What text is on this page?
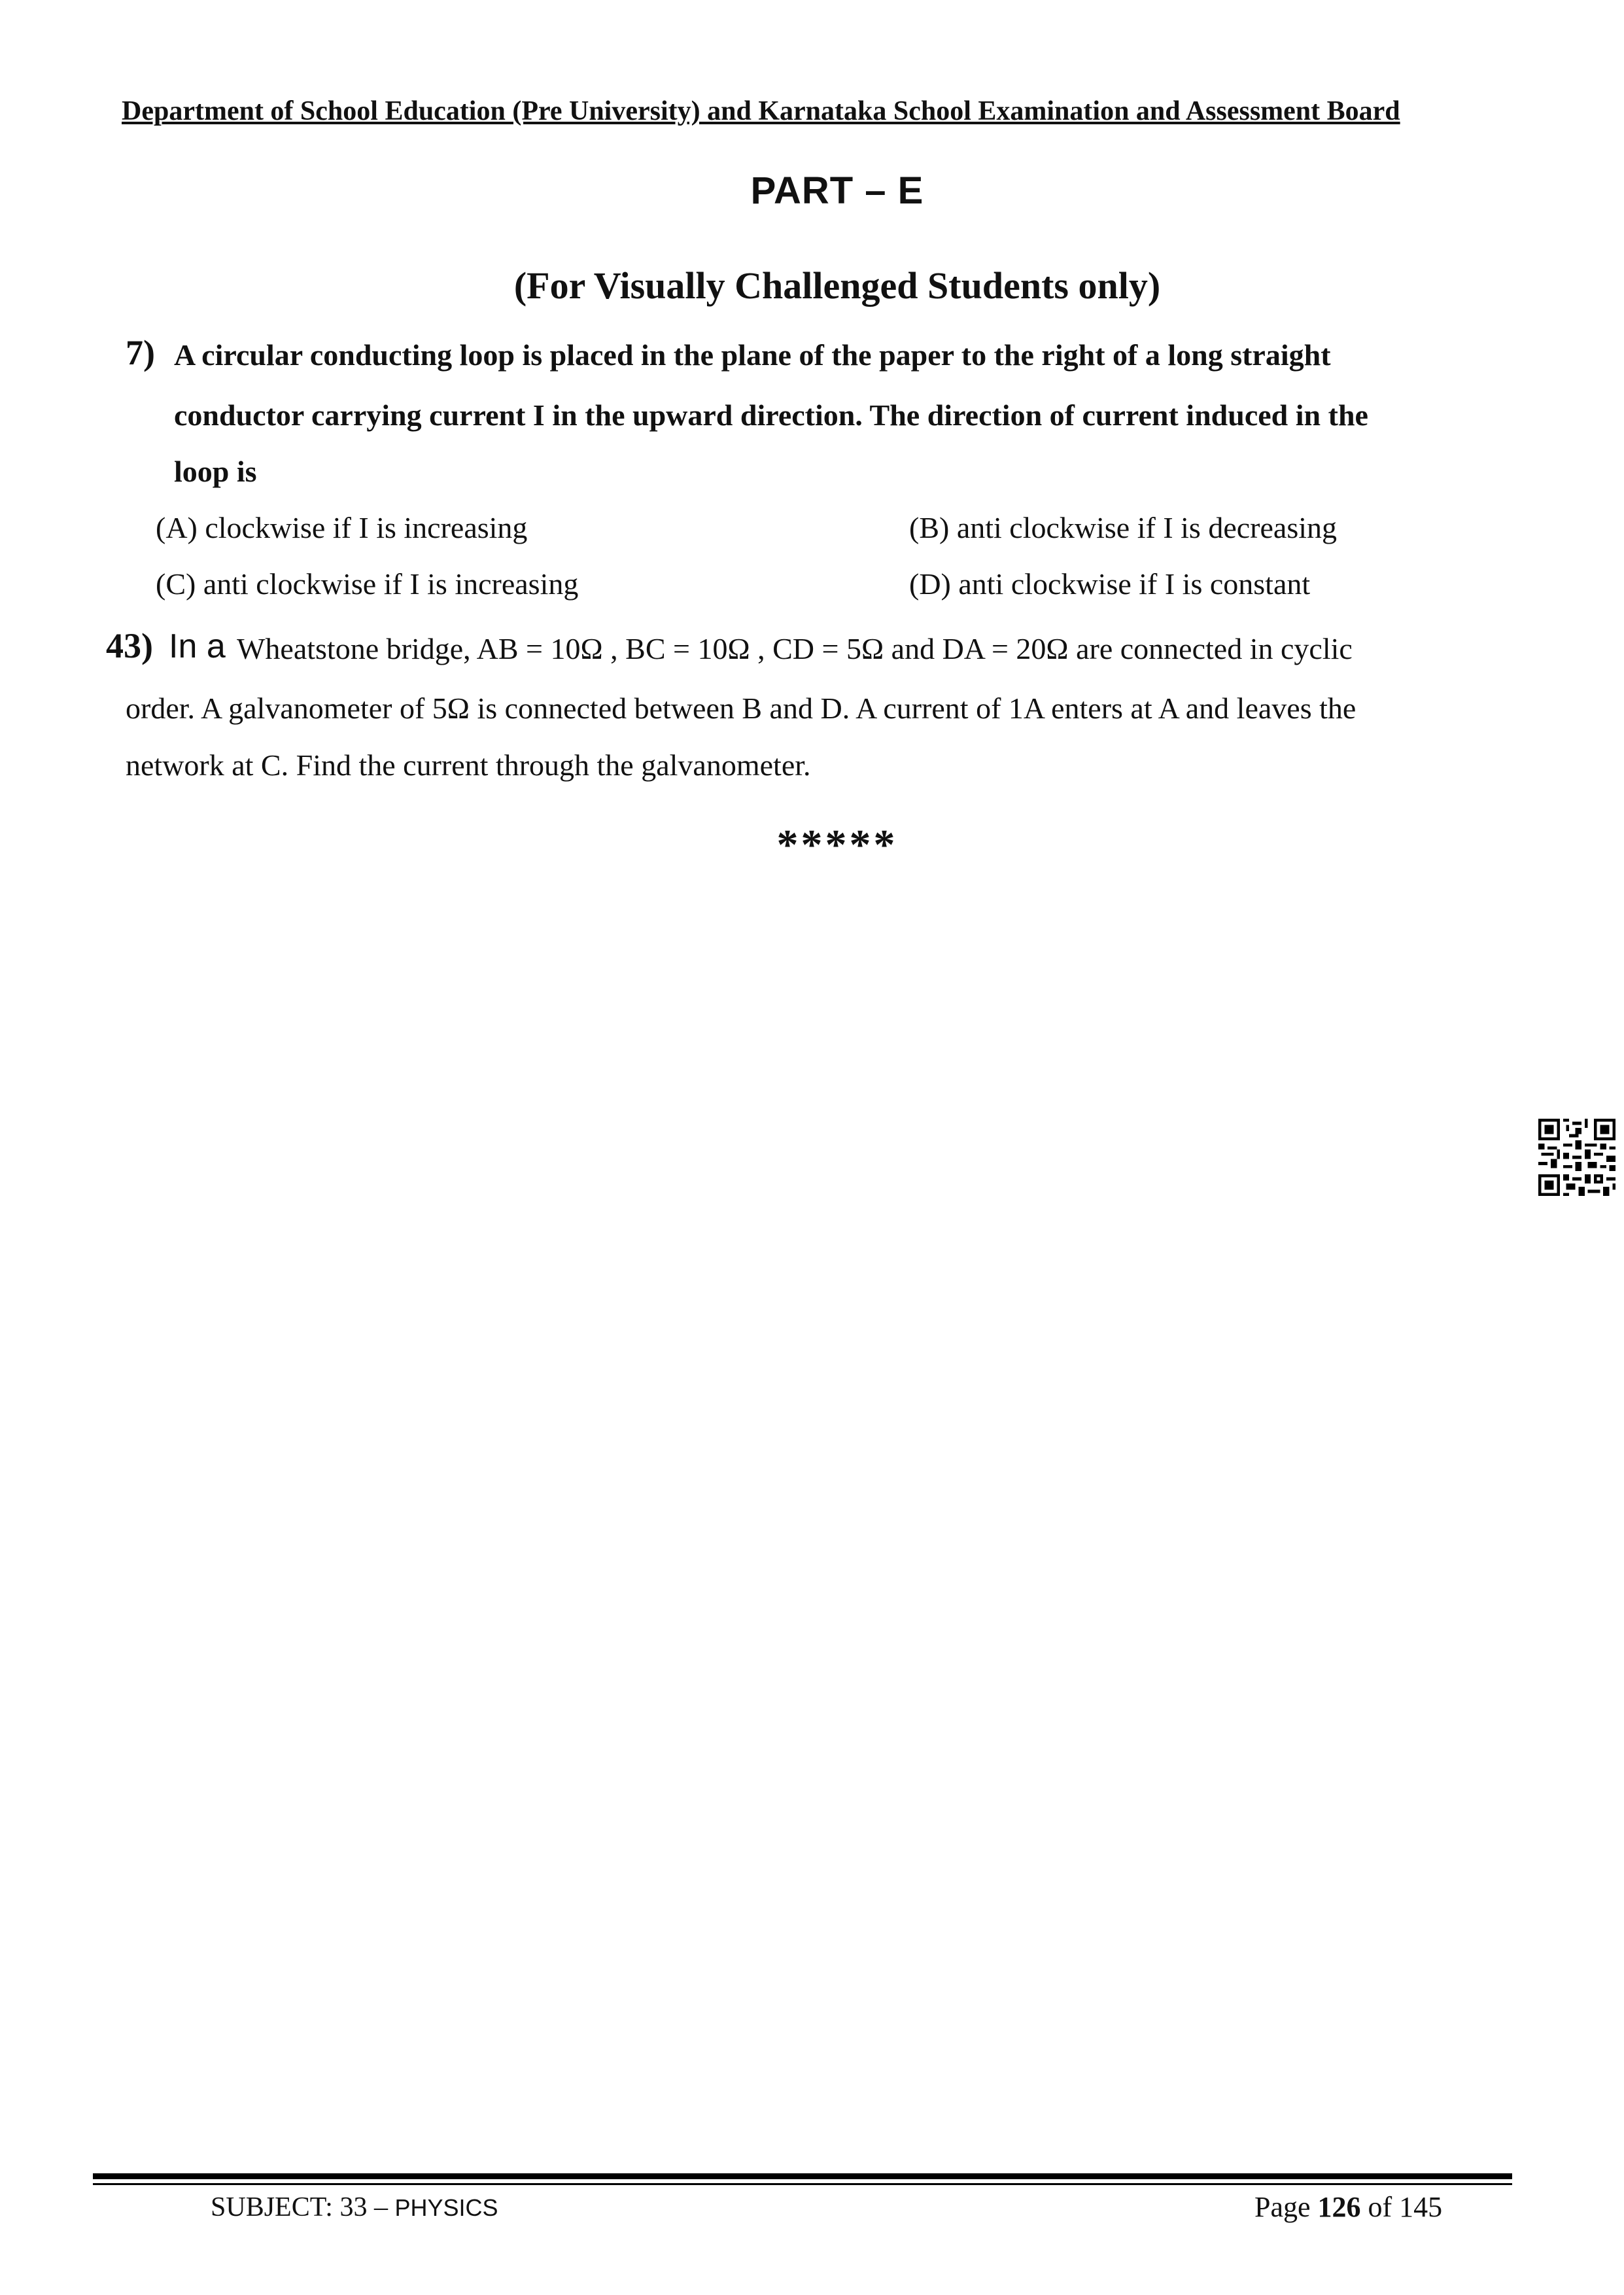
Department of School Education (Pre University) and Karnataka School Examination and Assessment Board
PART – E
(For Visually Challenged Students only)
7) A circular conducting loop is placed in the plane of the paper to the right of a long straight
conductor carrying current I in the upward direction. The direction of current induced in the
loop is
(A) clockwise if I is increasing	(B) anti clockwise if I is decreasing
(C) anti clockwise if I is increasing	(D) anti clockwise if I is constant
43) In a Wheatstone bridge, AB = 10Ω , BC = 10Ω , CD = 5Ω and DA = 20Ω are connected in cyclic
order. A galvanometer of 5Ω is connected between B and D. A current of 1A enters at A and leaves the
network at C. Find the current through the galvanometer.
*****
SUBJECT: 33 – PHYSICS	Page 126 of 145
